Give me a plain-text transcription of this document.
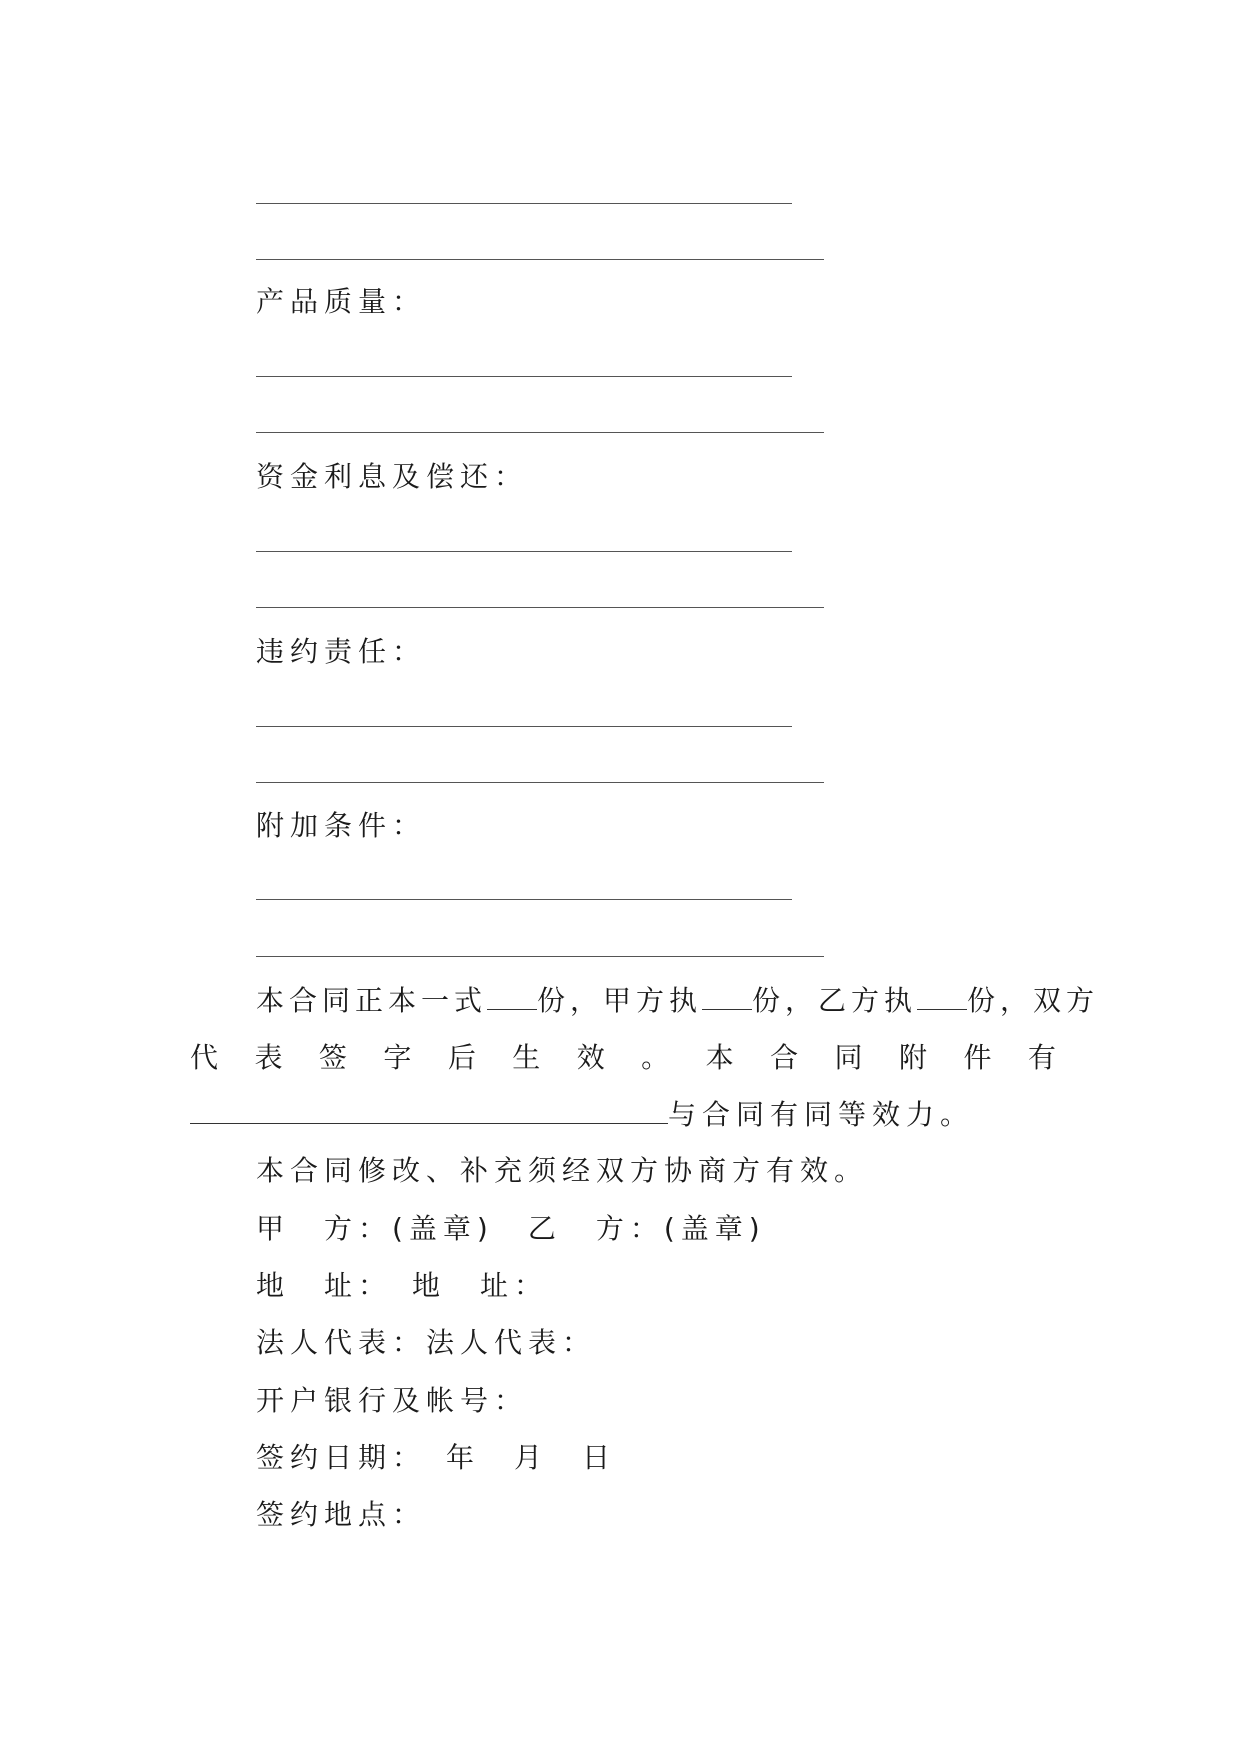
产品质量：
资金利息及偿还：
违约责任：
附加条件：
本合同正本一式 份，甲方执 份，乙方执 份，双方
代 表 签 字 后 生 效 。 本 合 同 附 件 有
与合同有同等效力。
本合同修改、补充须经双方协商方有效。
甲　方：(盖章)　乙　方：(盖章)
地　址：　地　址：
法人代表：法人代表：
开户银行及帐号：
签约日期：　年　月　日
签约地点：
